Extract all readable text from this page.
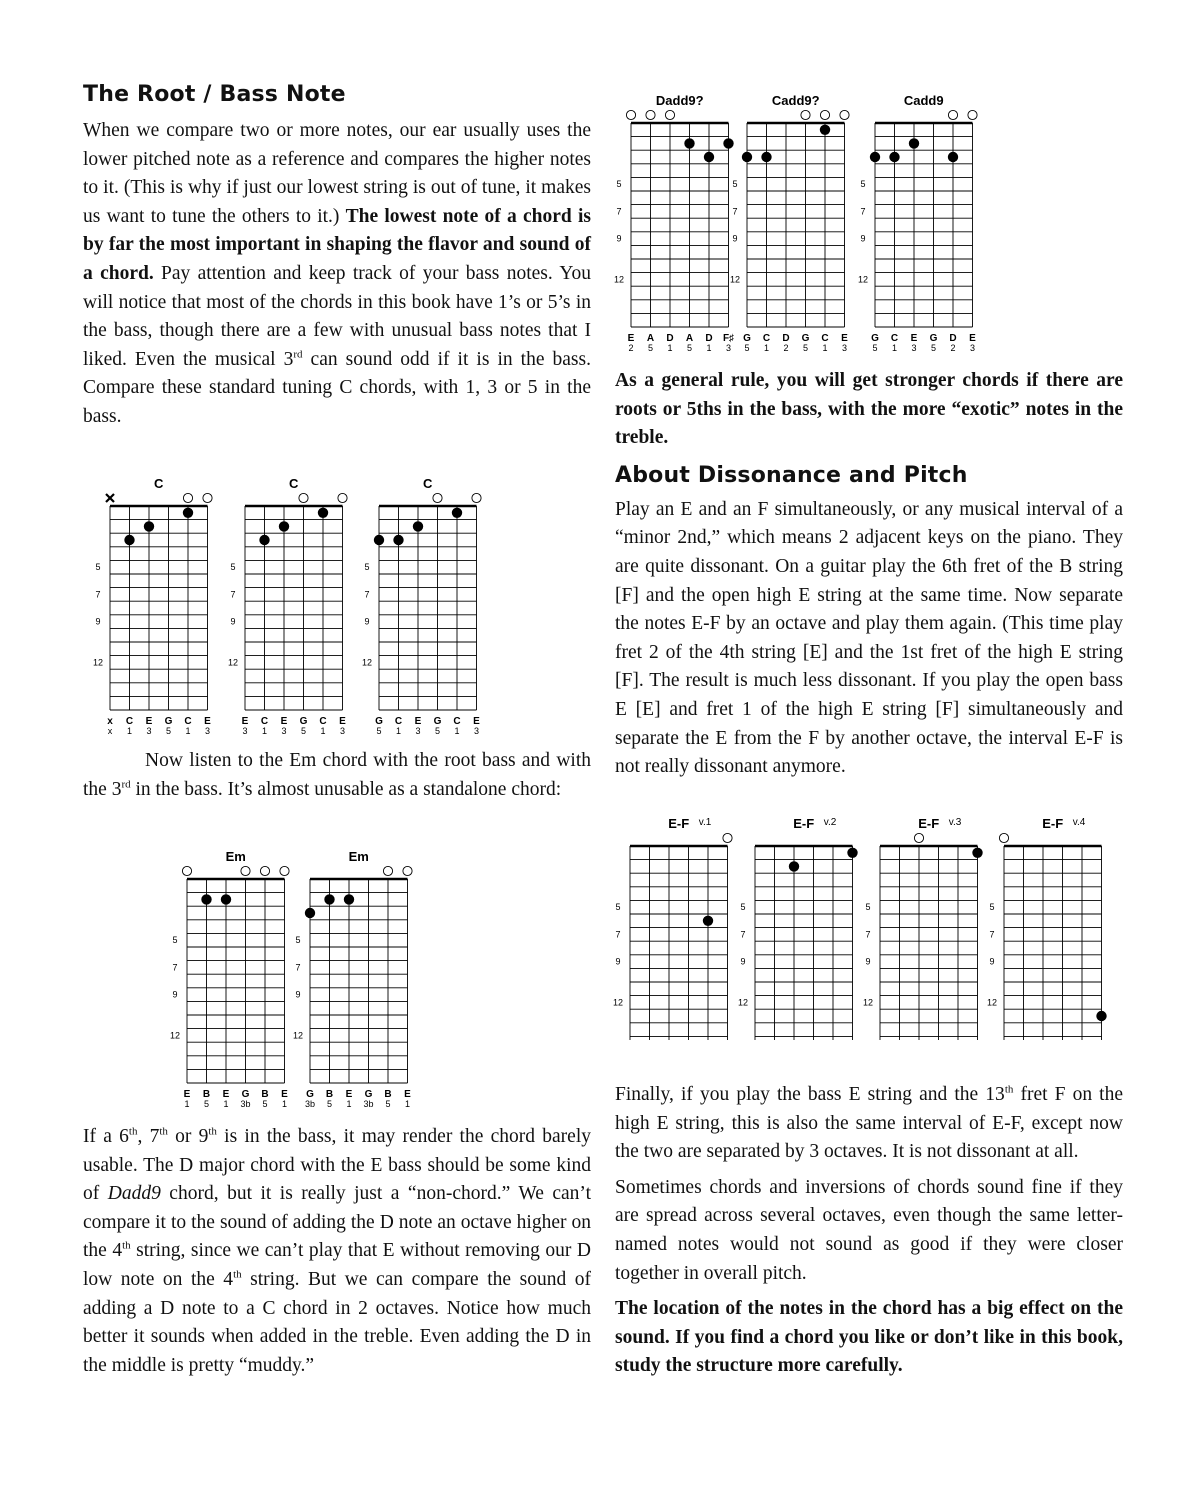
The Root / Bass Note

When we compare two or more notes, our ear usually uses the lower pitched note as a reference and compares the higher notes to it. (This is why if just our lowest string is out of tune, it makes us want to tune the others to it.) The lowest note of a chord is by far the most important in shaping the flavor and sound of a chord. Pay attention and keep track of your bass notes. You will notice that most of the chords in this book have 1’s or 5’s in the bass, though there are a few with unusual bass notes that I liked. Even the musical 3rd can sound odd if it is in the bass. Compare these standard tuning C chords, with 1, 3 or 5 in the bass.

C
5
7
9
12
x C E G C E
x 1 3 5 1 3
C
5
7
9
12
E C E G C E
3 1 3 5 1 3
C
5
7
9
12
G C E G C E
5 1 3 5 1 3

Now listen to the Em chord with the root bass and with the 3rd in the bass. It’s almost unusable as a standalone chord:

Em
5
7
9
12
E B E G B E
1 5 1 3b 5 1
Em
5
7
9
12
G B E G B E
3b 5 1 3b 5 1

If a 6th, 7th or 9th is in the bass, it may render the chord barely usable. The D major chord with the E bass should be some kind of Dadd9 chord, but it is really just a “non-chord.” We can’t compare it to the sound of adding the D note an octave higher on the 4th string, since we can’t play that E without removing our D low note on the 4th string. But we can compare the sound of adding a D note to a C chord in 2 octaves. Notice how much better it sounds when added in the treble. Even adding the D in the middle is pretty “muddy.”

Dadd9?
5
7
9
12
E A D A D F♯
2 5 1 5 1 3
Cadd9?
5
7
9
12
G C D G C E
5 1 2 5 1 3
Cadd9
5
7
9
12
G C E G D E
5 1 3 5 2 3

As a general rule, you will get stronger chords if there are roots or 5ths in the bass, with the more “exotic” notes in the treble.

About Dissonance and Pitch

Play an E and an F simultaneously, or any musical interval of a “minor 2nd,” which means 2 adjacent keys on the piano. They are quite dissonant. On a guitar play the 6th fret of the B string [F] and the open high E string at the same time. Now separate the notes E-F by an octave and play them again. (This time play fret 2 of the 4th string [E] and the 1st fret of the high E string [F]. The result is much less dissonant. If you play the open bass E [E] and fret 1 of the high E string [F] simultaneously and separate the E from the F by another octave, the interval E-F is not really dissonant anymore.

E-F v.1
5
7
9
12
E-F v.2
5
7
9
12
E-F v.3
5
7
9
12
E-F v.4
5
7
9
12

Finally, if you play the bass E string and the 13th fret F on the high E string, this is also the same interval of E-F, except now the two are separated by 3 octaves. It is not dissonant at all.

Sometimes chords and inversions of chords sound fine if they are spread across several octaves, even though the same letter-named notes would not sound as good if they were closer together in overall pitch.

The location of the notes in the chord has a big effect on the sound. If you find a chord you like or don’t like in this book, study the structure more carefully.
